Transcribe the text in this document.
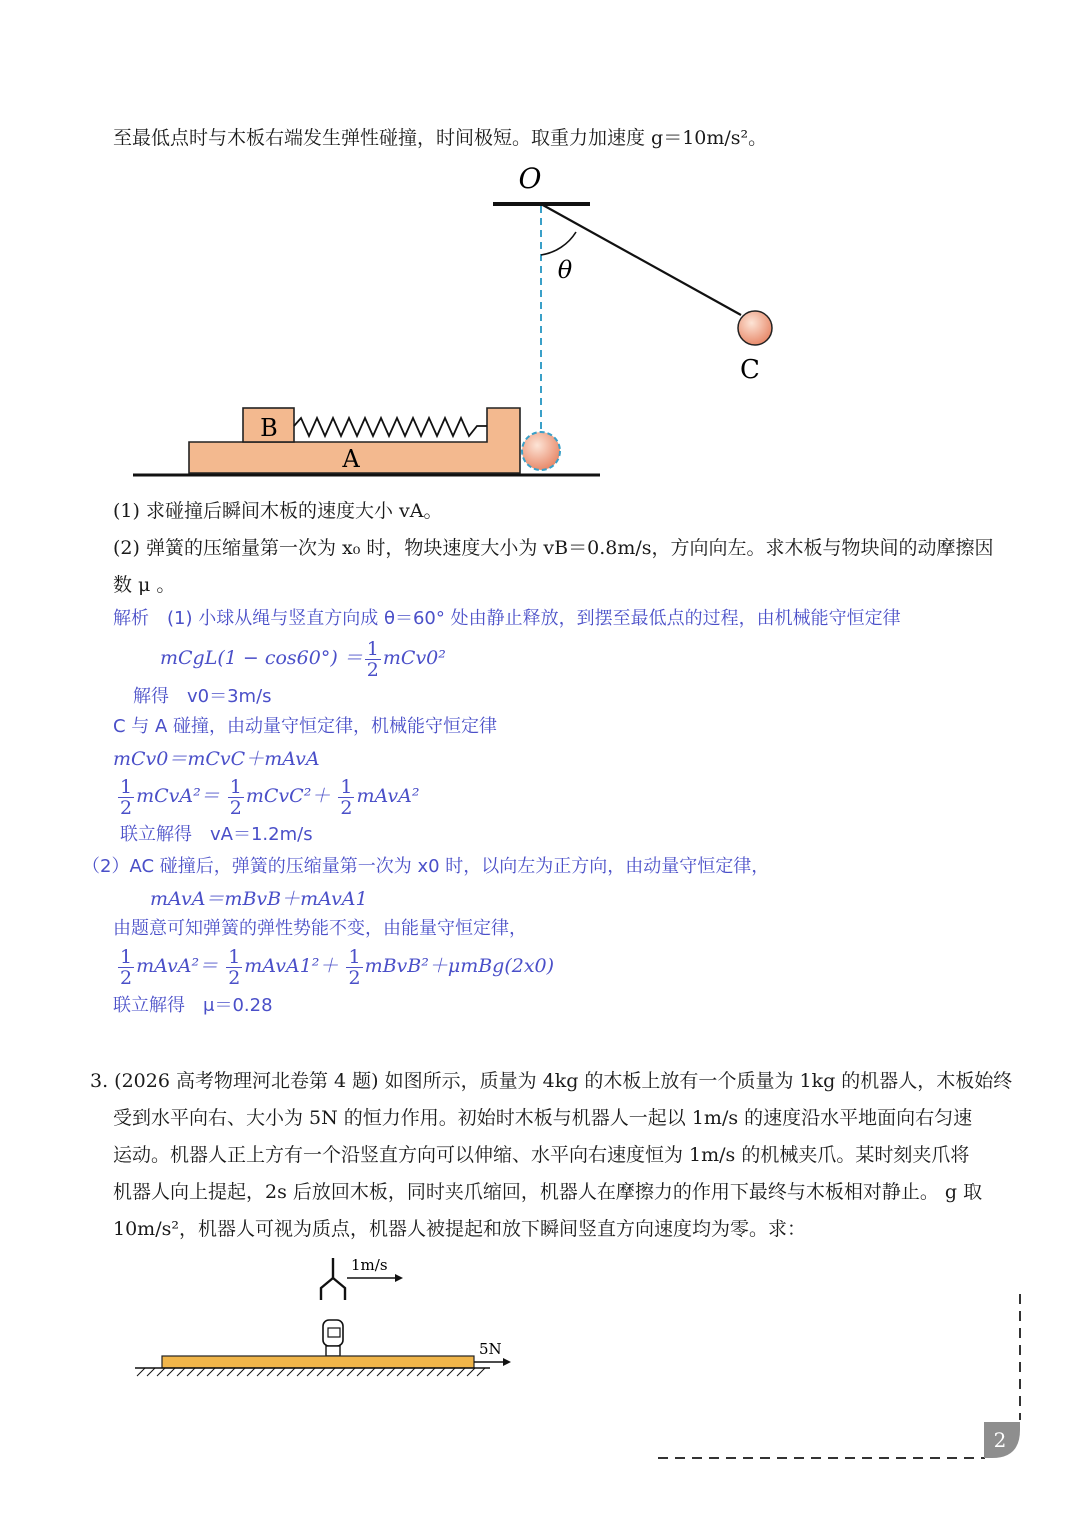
至最低点时与木板右端发生弹性碰撞，时间极短。取重力加速度 g＝10m/s²。
O
θ
C
A
B
(1) 求碰撞后瞬间木板的速度大小 vA。
(2) 弹簧的压缩量第一次为 x₀ 时，物块速度大小为 vB＝0.8m/s，方向向左。求木板与物块间的动摩擦因
数 μ 。
解析　(1) 小球从绳与竖直方向成 θ＝60° 处由静止释放，到摆至最低点的过程，由机械能守恒定律
mCgL(1 − $\cos 60^\circ) = \frac{1}{2} mCv0^2$
解得　v0＝3m/s
C 与 A 碰撞，由动量守恒定律，机械能守恒定律
mCv0＝mCvC＋mAvA
$\frac{1}{2}$ mCvA²＝ $\frac{1}{2}$ mCvC²＋ $\frac{1}{2}$ mAvA²
联立解得　vA＝1.2m/s
（2）AC 碰撞后，弹簧的压缩量第一次为 x0 时，以向左为正方向，由动量守恒定律，
mAvA＝mBvB＋mAvA1
由题意可知弹簧的弹性势能不变，由能量守恒定律，
$\frac{1}{2}$ mAvA²＝ $\frac{1}{2}$ mAvA1²＋ $\frac{1}{2}$ mBvB²＋μmBg(2x0)
联立解得　μ＝0.28
3. (2026 高考物理河北卷第 4 题) 如图所示，质量为 4kg 的木板上放有一个质量为 1kg 的机器人，木板始终
受到水平向右、大小为 5N 的恒力作用。初始时木板与机器人一起以 1m/s 的速度沿水平地面向右匀速
运动。机器人正上方有一个沿竖直方向可以伸缩、水平向右速度恒为 1m/s 的机械夹爪。某时刻夹爪将
机器人向上提起，2s 后放回木板，同时夹爪缩回，机器人在摩擦力的作用下最终与木板相对静止。 g 取
10m/s²，机器人可视为质点，机器人被提起和放下瞬间竖直方向速度均为零。求：
1m/s
5N
2
